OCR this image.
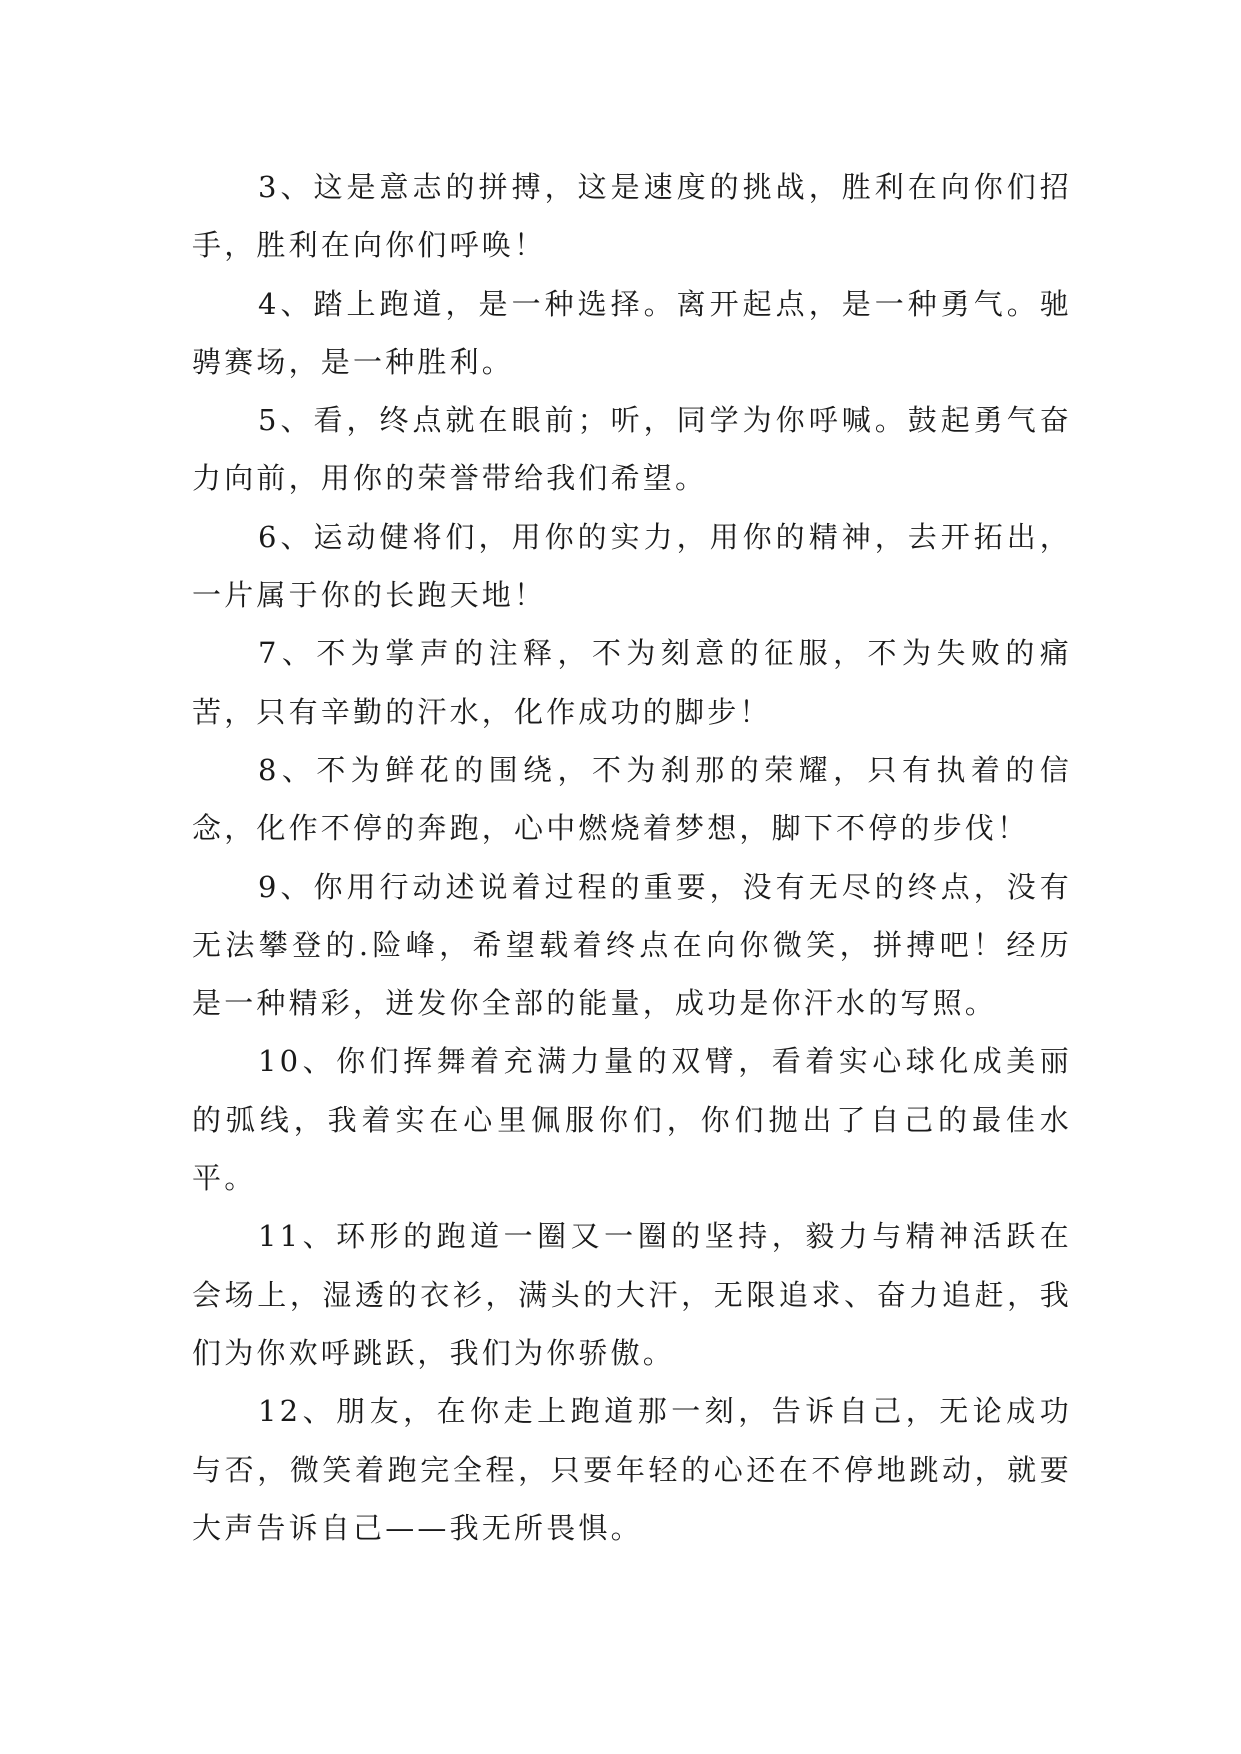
3、这是意志的拼搏，这是速度的挑战，胜利在向你们招手，胜利在向你们呼唤！

4、踏上跑道，是一种选择。离开起点，是一种勇气。驰骋赛场，是一种胜利。

5、看，终点就在眼前；听，同学为你呼喊。鼓起勇气奋力向前，用你的荣誉带给我们希望。

6、运动健将们，用你的实力，用你的精神，去开拓出，一片属于你的长跑天地！

7、不为掌声的注释，不为刻意的征服，不为失败的痛苦，只有辛勤的汗水，化作成功的脚步！

8、不为鲜花的围绕，不为刹那的荣耀，只有执着的信念，化作不停的奔跑，心中燃烧着梦想，脚下不停的步伐！

9、你用行动述说着过程的重要，没有无尽的终点，没有无法攀登的.险峰，希望载着终点在向你微笑，拼搏吧！经历是一种精彩，迸发你全部的能量，成功是你汗水的写照。

10、你们挥舞着充满力量的双臂，看着实心球化成美丽的弧线，我着实在心里佩服你们，你们抛出了自己的最佳水平。

11、环形的跑道一圈又一圈的坚持，毅力与精神活跃在会场上，湿透的衣衫，满头的大汗，无限追求、奋力追赶，我们为你欢呼跳跃，我们为你骄傲。

12、朋友，在你走上跑道那一刻，告诉自己，无论成功与否，微笑着跑完全程，只要年轻的心还在不停地跳动，就要大声告诉自己——我无所畏惧。
